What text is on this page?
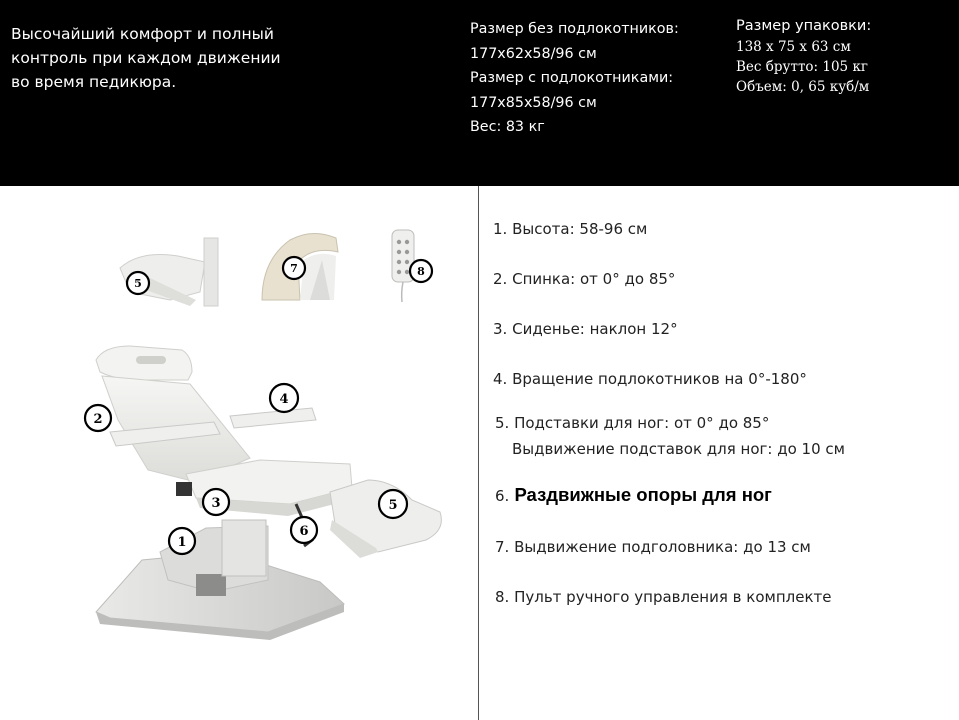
Высочайший комфорт и полный
контроль при каждом движении
во время педикюра.
Размер без подлокотников:
177х62х58/96 см
Размер с подлокотниками:
177х85х58/96 см
Вес: 83 кг
Размер упаковки:
138 x 75 x 63 см
Вес брутто: 105 кг
Объем: 0, 65 куб/м
5
7	8
1
2
3
4
5
6
1. Высота: 58-96 см
2. Спинка: от 0° до 85°
3. Сиденье: наклон 12°
4. Вращение подлокотников на 0°-180°
5. Подставки для ног: от 0° до 85°
Выдвижение подставок для ног: до 10 см
6. Раздвижные опоры для ног
7. Выдвижение подголовника: до 13 см
8. Пульт ручного управления в комплекте
